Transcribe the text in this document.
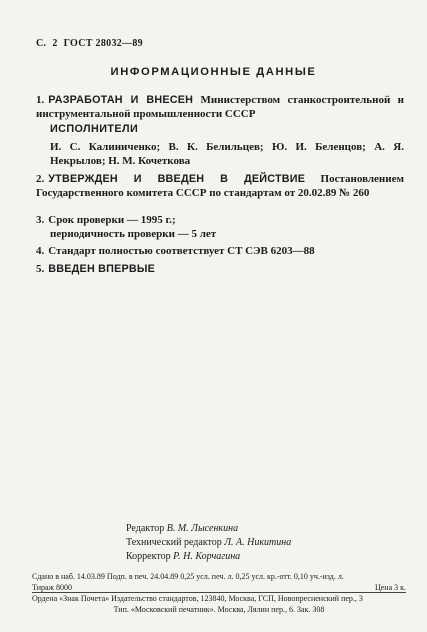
С. 2 ГОСТ 28032—89
ИНФОРМАЦИОННЫЕ ДАННЫЕ
1. РАЗРАБОТАН И ВНЕСЕН Министерством станкостроительной и инструментальной промышленности СССР
ИСПОЛНИТЕЛИ
И. С. Калиниченко; В. К. Белильцев; Ю. И. Беленцов; А. Я. Некрылов; Н. М. Кочеткова
2. УТВЕРЖДЕН И ВВЕДЕН В ДЕЙСТВИЕ Постановлением Государственного комитета СССР по стандартам от 20.02.89 № 260
3. Срок проверки — 1995 г.;
периодичность проверки — 5 лет
4. Стандарт полностью соответствует СТ СЭВ 6203—88
5. ВВЕДЕН ВПЕРВЫЕ
Редактор В. М. Лысенкина
Технический редактор Л. А. Никитина
Корректор Р. Н. Корчагина
Сдано в наб. 14.03.89 Подп. в печ. 24.04.89 0,25 усл. печ. л. 0,25 усл. кр.-отт. 0,10 уч.-изд. л.
Тираж 8000	Цена 3 к.
Ордена «Знак Почета» Издательство стандартов, 123840, Москва, ГСП, Новопресненский пер., 3
Тип. «Московский печатник». Москва, Лялин пер., 6. Зак. 308
